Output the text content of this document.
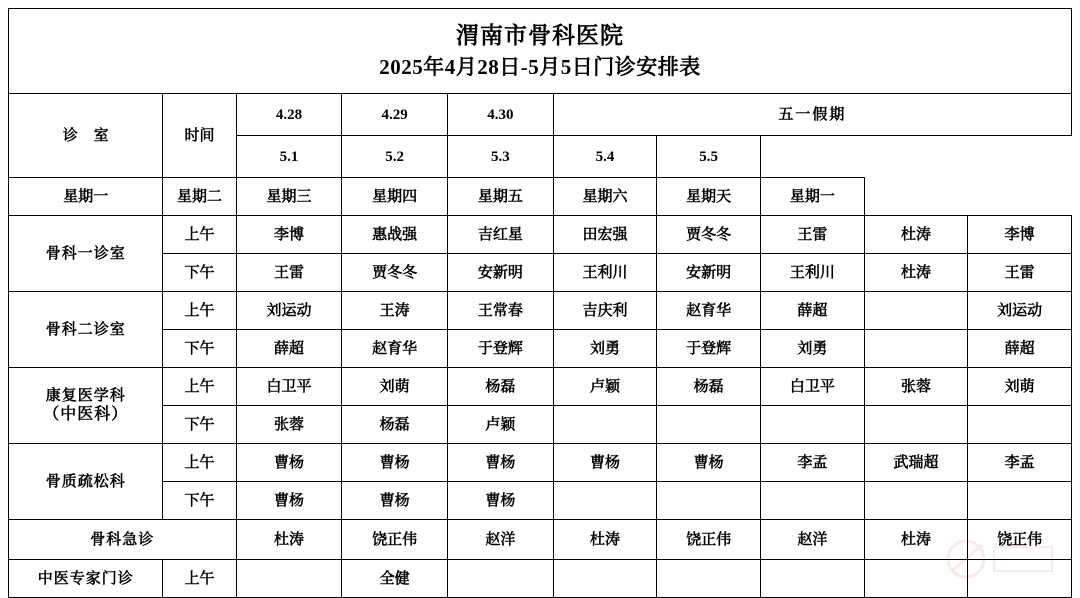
渭南市骨科医院
2025年4月28日-5月5日门诊安排表									

诊 室	时间	4.28	4.29	4.30	五一假期				
		5.1	5.2	5.3	5.4	5.5			
星期一	星期二	星期三	星期四	星期五	星期六	星期天	星期一		
骨科一诊室	上午	李博	惠战强	吉红星	田宏强	贾冬冬	王雷	杜涛	李博
	下午	王雷	贾冬冬	安新明	王利川	安新明	王利川	杜涛	王雷
骨科二诊室	上午	刘运动	王涛	王常春	吉庆利	赵育华	薛超		刘运动
	下午	薛超	赵育华	于登辉	刘勇	于登辉	刘勇		薛超
康复医学科
（中医科）	上午	白卫平	刘萌	杨磊	卢颖	杨磊	白卫平	张蓉	刘萌
	下午	张蓉	杨磊	卢颖					
骨质疏松科	上午	曹杨	曹杨	曹杨	曹杨	曹杨	李孟	武瑞超	李孟
	下午	曹杨	曹杨	曹杨					
骨科急诊		杜涛	饶正伟	赵洋	杜涛	饶正伟	赵洋	杜涛	饶正伟
中医专家门诊	上午		全健						
